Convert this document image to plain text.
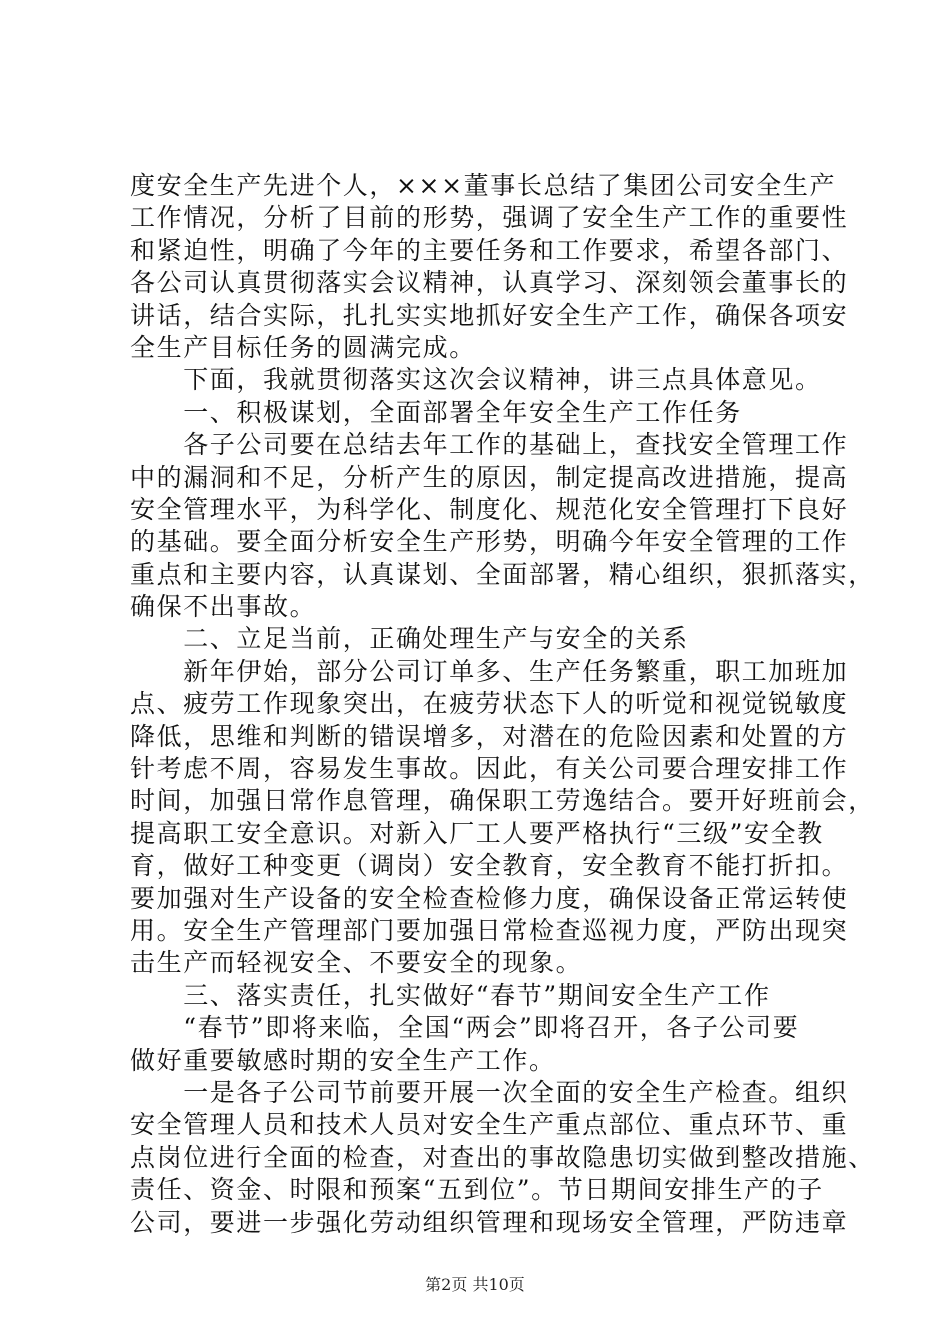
度安全生产先进个人，×××董事长总结了集团公司安全生产
工作情况，分析了目前的形势，强调了安全生产工作的重要性
和紧迫性，明确了今年的主要任务和工作要求，希望各部门、
各公司认真贯彻落实会议精神，认真学习、深刻领会董事长的
讲话，结合实际，扎扎实实地抓好安全生产工作，确保各项安
全生产目标任务的圆满完成。
　　下面，我就贯彻落实这次会议精神，讲三点具体意见。
　　一、积极谋划，全面部署全年安全生产工作任务
　　各子公司要在总结去年工作的基础上，查找安全管理工作
中的漏洞和不足，分析产生的原因，制定提高改进措施，提高
安全管理水平，为科学化、制度化、规范化安全管理打下良好
的基础。要全面分析安全生产形势，明确今年安全管理的工作
重点和主要内容，认真谋划、全面部署，精心组织，狠抓落实，
确保不出事故。
　　二、立足当前，正确处理生产与安全的关系
　　新年伊始，部分公司订单多、生产任务繁重，职工加班加
点、疲劳工作现象突出，在疲劳状态下人的听觉和视觉锐敏度
降低，思维和判断的错误增多，对潜在的危险因素和处置的方
针考虑不周，容易发生事故。因此，有关公司要合理安排工作
时间，加强日常作息管理，确保职工劳逸结合。要开好班前会，
提高职工安全意识。对新入厂工人要严格执行“三级”安全教
育，做好工种变更（调岗）安全教育，安全教育不能打折扣。
要加强对生产设备的安全检查检修力度，确保设备正常运转使
用。安全生产管理部门要加强日常检查巡视力度，严防出现突
击生产而轻视安全、不要安全的现象。
　　三、落实责任，扎实做好“春节”期间安全生产工作
　　“春节”即将来临，全国“两会”即将召开，各子公司要
做好重要敏感时期的安全生产工作。
　　一是各子公司节前要开展一次全面的安全生产检查。组织
安全管理人员和技术人员对安全生产重点部位、重点环节、重
点岗位进行全面的检查，对查出的事故隐患切实做到整改措施、
责任、资金、时限和预案“五到位”。节日期间安排生产的子
公司，要进一步强化劳动组织管理和现场安全管理，严防违章
第2页 共10页
